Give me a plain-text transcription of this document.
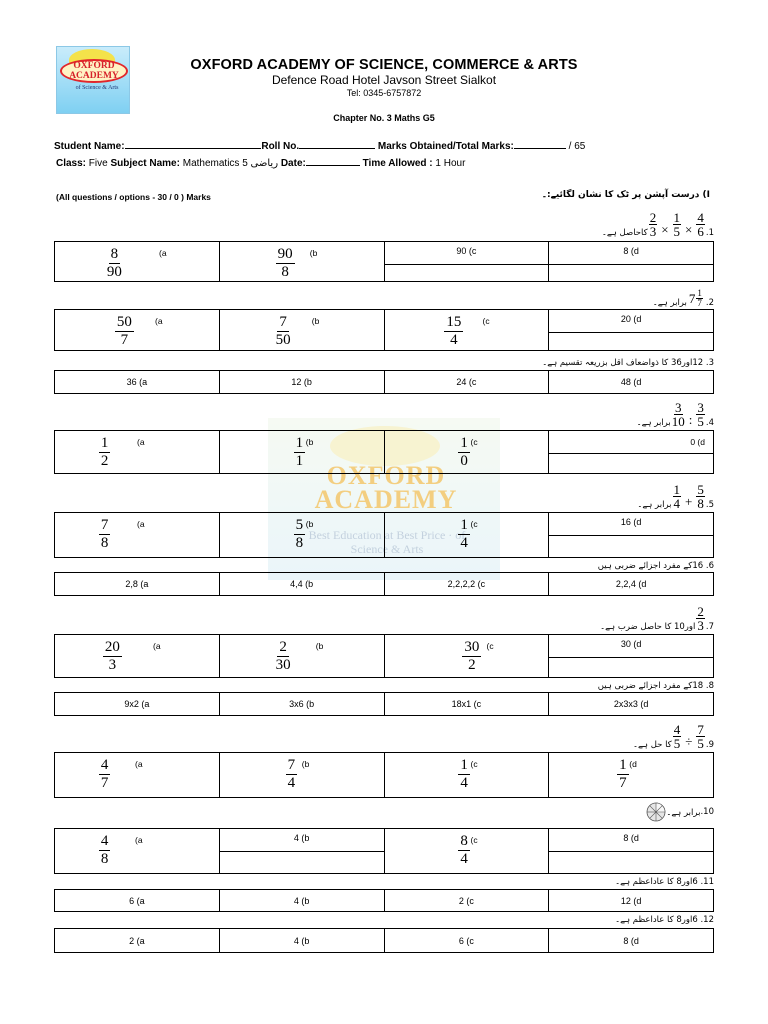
OXFORD ACADEMY
of Science & Arts
OXFORD ACADEMY OF SCIENCE, COMMERCE & ARTS
Defence Road Hotel Javson Street Sialkot
Tel: 0345-6757872
Chapter No. 3 Maths G5
Student Name:	Roll No.	Marks Obtained/Total Marks:	/ 65
Class: Five Subject Name: Mathematics 5 ریاضی Date:	Time Allowed : 1 Hour
(All questions / options - 30 / 0 ) Marks	I) درست آپشن پر ٹک کا نشان لگائیے:۔
OXFORD ACADEMY
Best Education at Best Price · of Science & Arts
1.
$\frac{4}{6}$
×
$\frac{1}{5}$
×
$\frac{2}{3}$
کاحاصل ہے۔
$\frac{8}{90}$	(a	$\frac{90}{8} (b$	90 (c	8 (d
2.
$7 \frac{1}{7}$
برابر ہے۔
$\frac{50}{7} (a$	$\frac{7}{50} (b$	$\frac{15}{4} (c$	20 (d
3. 12اور36 کا ذواضعاف اقل بزریعہ تقسیم ہے۔
36 (a	12 (b	24 (c	48 (d
4.
$\frac{3}{5}$
:
$\frac{3}{10}$
برابر ہے۔
$\frac{1}{2}$	(a	$\frac{1}{1} (b$	$\frac{1}{0} (c$	0 (d
5.
$\frac{5}{8}$
+
$\frac{1}{4}$
برابر ہے۔
$\frac{7}{8}$	(a	$\frac{5}{8} (b$	$\frac{1}{4} (c$	16 (d
6. 16کے مفرد اجزائے ضربی ہیں
2,8 (a	4,4 (b	2,2,2,2 (c	2,2,4 (d
7.
$\frac{2}{3}$
اور10 کا حاصل ضرب ہے۔
$\frac{20}{3}$	(a	$\frac{2}{30}$	(b	$\frac{30}{2} (c$	30 (d
8. 18کے مفرد اجزائے ضربی ہیں
9x2 (a	3x6 (b	18x1 (c	2x3x3 (d
9.
$\frac{7}{5}$
÷
$\frac{4}{5}$
کا حل ہے۔
$\frac{4}{7}$	(a	$\frac{7}{4} (b$	$\frac{1}{4} (c$	$\frac{1}{7} (d$
10.
برابر ہے۔
$\frac{4}{8}$	(a	4 (b	$\frac{8}{4} (c$	8 (d
11. 6اور8 کا عاداعظم ہے۔
6 (a	4 (b	2 (c	12 (d
12. 6اور8 کا عاداعظم ہے۔
2 (a	4 (b	6 (c	8 (d
